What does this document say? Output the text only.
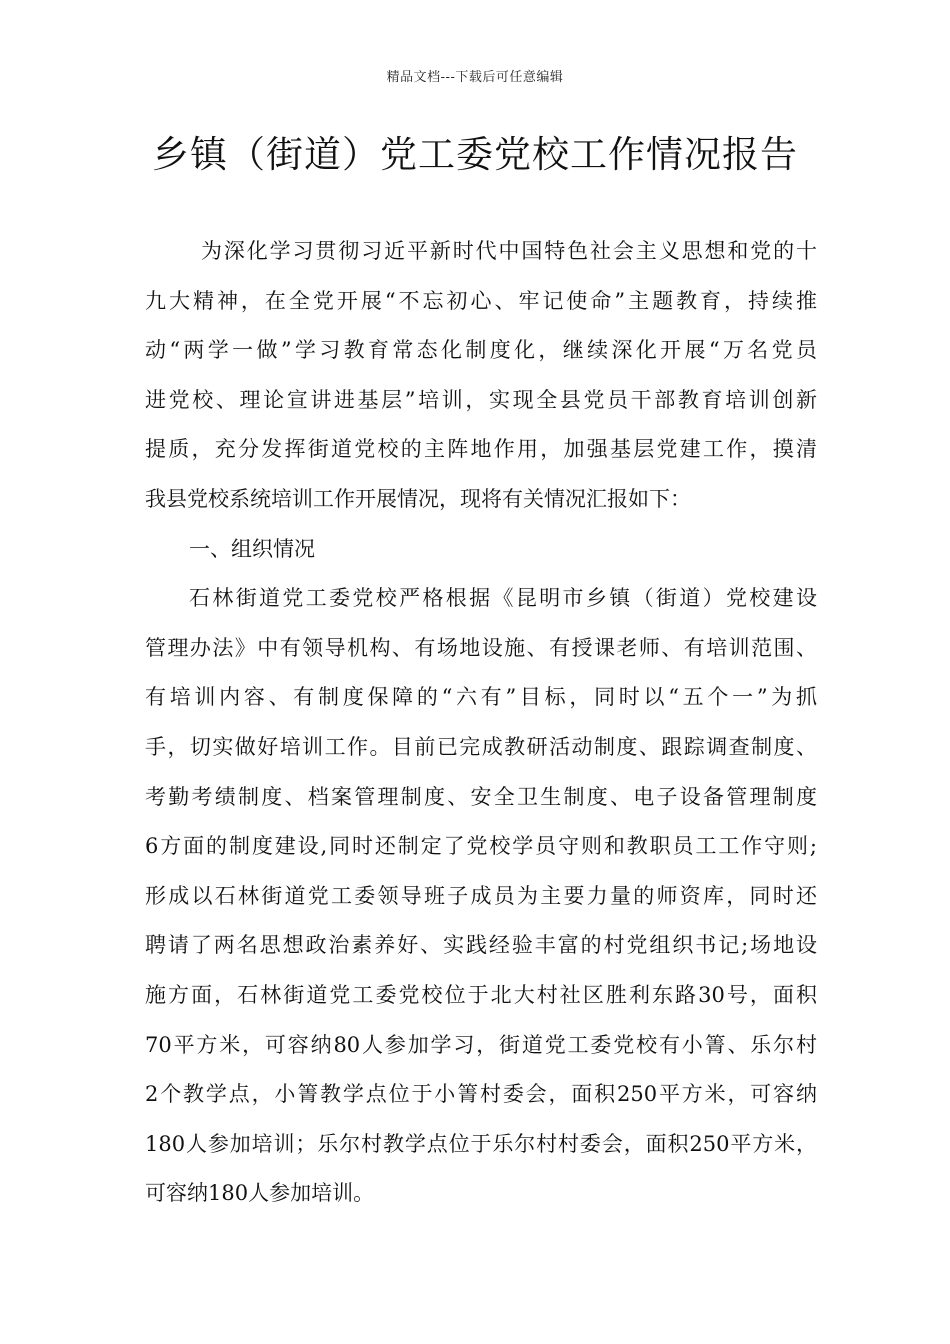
精品文档---下载后可任意编辑
乡镇（街道）党工委党校工作情况报告
为深化学习贯彻习近平新时代中国特色社会主义思想和党的十
九大精神，在全党开展“不忘初心、牢记使命”主题教育，持续推
动“两学一做”学习教育常态化制度化，继续深化开展“万名党员
进党校、理论宣讲进基层”培训，实现全县党员干部教育培训创新
提质，充分发挥街道党校的主阵地作用，加强基层党建工作，摸清
我县党校系统培训工作开展情况，现将有关情况汇报如下：
一、组织情况
石林街道党工委党校严格根据《昆明市乡镇（街道）党校建设
管理办法》中有领导机构、有场地设施、有授课老师、有培训范围、
有培训内容、有制度保障的“六有”目标，同时以“五个一”为抓
手，切实做好培训工作。目前已完成教研活动制度、跟踪调查制度、
考勤考绩制度、档案管理制度、安全卫生制度、电子设备管理制度
6方面的制度建设,同时还制定了党校学员守则和教职员工工作守则;
形成以石林街道党工委领导班子成员为主要力量的师资库，同时还
聘请了两名思想政治素养好、实践经验丰富的村党组织书记;场地设
施方面，石林街道党工委党校位于北大村社区胜利东路30号，面积
70平方米，可容纳80人参加学习，街道党工委党校有小箐、乐尔村
2个教学点，小箐教学点位于小箐村委会，面积250平方米，可容纳
180人参加培训；乐尔村教学点位于乐尔村村委会，面积250平方米，
可容纳180人参加培训。
